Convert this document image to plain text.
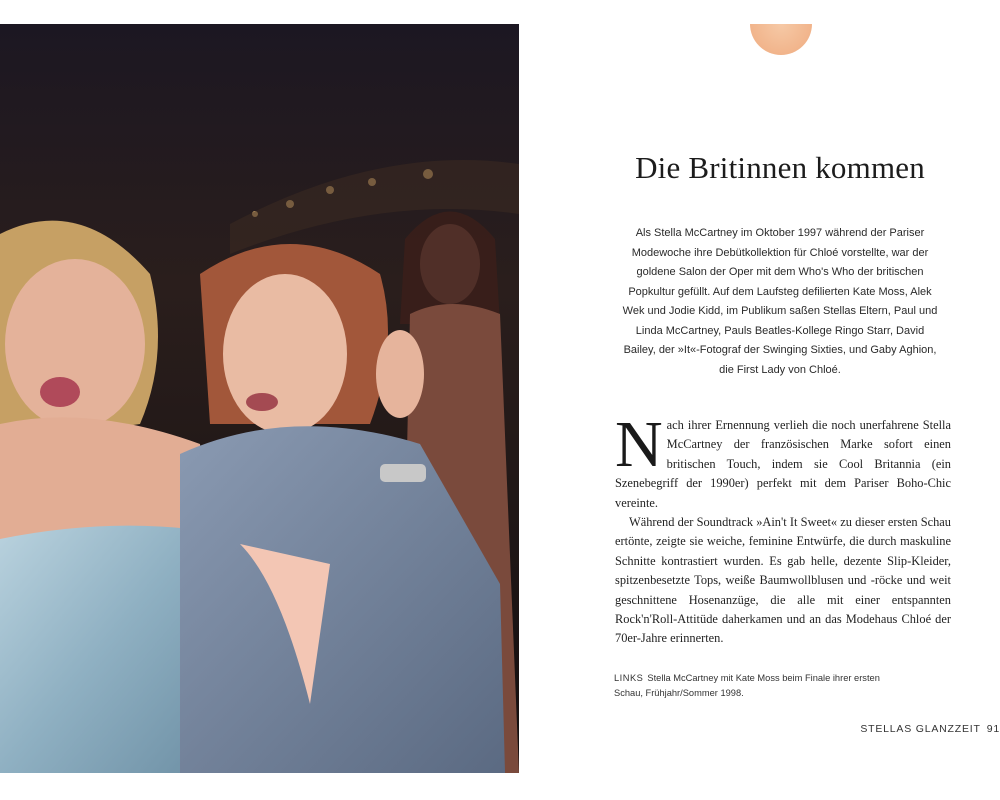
Die Britinnen kommen

Als Stella McCartney im Oktober 1997 während der Pariser Modewoche ihre Debütkollektion für Chloé vorstellte, war der goldene Salon der Oper mit dem Who's Who der britischen Popkultur gefüllt. Auf dem Laufsteg defilierten Kate Moss, Alek Wek und Jodie Kidd, im Publikum saßen Stellas Eltern, Paul und Linda McCartney, Pauls Beatles-Kollege Ringo Starr, David Bailey, der »It«-Fotograf der Swinging Sixties, und Gaby Aghion, die First Lady von Chloé.

Nach ihrer Ernennung verlieh die noch unerfahrene Stella McCartney der französischen Marke sofort einen britischen Touch, indem sie Cool Britannia (ein Szenebegriff der 1990er) perfekt mit dem Pariser Boho-Chic vereinte.

Während der Soundtrack »Ain't It Sweet« zu dieser ersten Schau ertönte, zeigte sie weiche, feminine Entwürfe, die durch maskuline Schnitte kontrastiert wurden. Es gab helle, dezente Slip-Kleider, spitzenbesetzte Tops, weiße Baumwollblusen und -röcke und weit geschnittene Hosenanzüge, die alle mit einer entspannten Rock'n'Roll-Attitüde daherkamen und an das Modehaus Chloé der 70er-Jahre erinnerten.

LINKS Stella McCartney mit Kate Moss beim Finale ihrer ersten Schau, Frühjahr/Sommer 1998.
STELLAS GLANZZEIT 91
